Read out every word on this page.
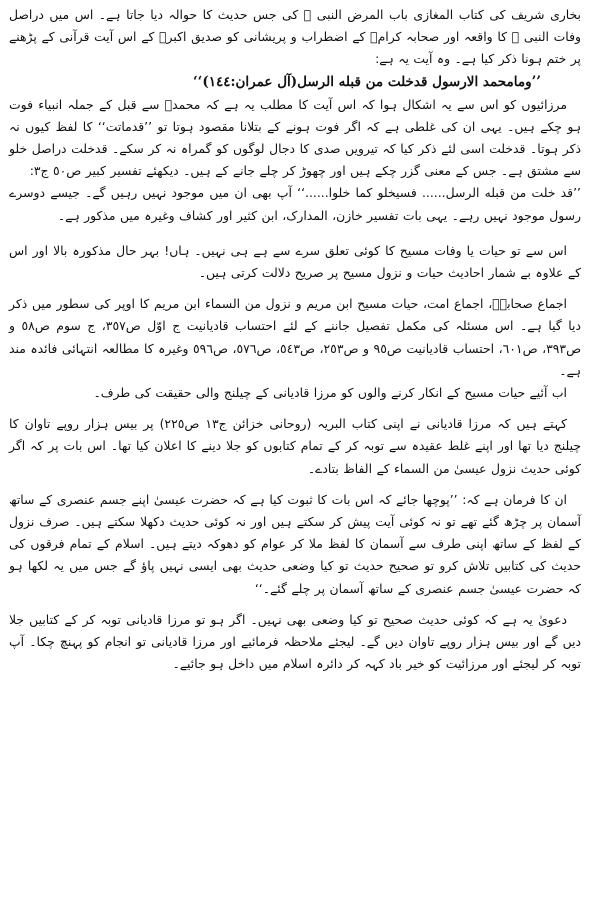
بخاری شریف کی کتاب المغازی باب المرض النبی ﷺ کی جس حدیث کا حوالہ دیا جاتا ہے۔ اس میں دراصل وفات النبی ﷺ کا واقعہ اور صحابہ کرامؓ کے اضطراب و پریشانی کو صدیق اکبرؓ کے اس آیت قرآنی کے پڑھنے پر ختم ہونا ذکر کیا ہے۔ وہ آیت یہ ہے:

’’ومامحمد الارسول قدخلت من قبله الرسل(آل عمران:١٤٤)‘‘

مرزائیوں کو اس سے یہ اشکال ہوا کہ اس آیت کا مطلب یہ ہے کہ محمدؐ سے قبل کے جملہ انبیاء فوت ہو چکے ہیں۔ یہی ان کی غلطی ہے کہ اگر فوت ہونے کے بتلانا مقصود ہوتا تو ’’قدماتت‘‘ کا لفظ کیوں نہ ذکر ہوتا۔ قدخلت اسی لئے ذکر کیا کہ تیرویں صدی کا دجال لوگوں کو گمراہ نہ کر سکے۔ قدخلت دراصل خلو سے مشتق ہے۔ جس کے معنی گزر چکے ہیں اور چھوڑ کر چلے جانے کے ہیں۔ دیکھئے تفسیر کبیر ص٥٠ ج٣:

’’قد خلت من قبله الرسل...... فسیخلو کما خلوا......‘‘ آپ بھی ان میں موجود نہیں رہیں گے۔ جیسے دوسرے رسول موجود نہیں رہے۔ یہی بات تفسیر خازن، المدارک، ابن کثیر اور کشاف وغیرہ میں مذکور ہے۔

اس سے تو حیات یا وفات مسیح کا کوئی تعلق سرے سے ہے ہی نہیں۔ ہاں! بہر حال مذکورہ بالا اور اس کے علاوہ بے شمار احادیث حیات و نزول مسیح پر صریح دلالت کرتی ہیں۔

اجماع صحابہؓ، اجماع امت، حیات مسیح ابن مریم و نزول من السماء ابن مریم کا اوپر کی سطور میں ذکر دیا گیا ہے۔ اس مسئلہ کی مکمل تفصیل جاننے کے لئے احتساب قادیانیت ج اوّل ص٣٥٧، ج سوم ص٥٨ و ص٣٩٣، ص٦٠١، احتساب قادیانیت ص٩٥ و ص٢٥٣، ص٥٤٣، ص٥٧٦، ص٥٩٦ وغیرہ کا مطالعہ انتہائی فائدہ مند ہے۔

اب آئیے حیات مسیح کے انکار کرنے والوں کو مرزا قادیانی کے چیلنج والی حقیقت کی طرف۔

کہتے ہیں کہ مرزا قادیانی نے اپنی کتاب البریہ (روحانی خزائن ج١٣ ص٢٢٥) پر بیس ہزار روپے تاوان کا چیلنج دیا تھا اور اپنے غلط عقیدہ سے توبہ کر کے تمام کتابوں کو جلا دینے کا اعلان کیا تھا۔ اس بات پر کہ اگر کوئی حدیث نزول عیسیٰ من السماء کے الفاظ بتادے۔

ان کا فرمان ہے کہ: ’’پوچھا جائے کہ اس بات کا ثبوت کیا ہے کہ حضرت عیسیٰ اپنے جسم عنصری کے ساتھ آسمان پر چڑھ گئے تھے تو نہ کوئی آیت پیش کر سکتے ہیں اور نہ کوئی حدیث دکھلا سکتے ہیں۔ صرف نزول کے لفظ کے ساتھ اپنی طرف سے آسمان کا لفظ ملا کر عوام کو دھوکہ دیتے ہیں۔ اسلام کے تمام فرقوں کی حدیث کی کتابیں تلاش کرو تو صحیح حدیث تو کیا وضعی حدیث بھی ایسی نہیں پاؤ گے جس میں یہ لکھا ہو کہ حضرت عیسیٰ جسم عنصری کے ساتھ آسمان پر چلے گئے۔‘‘

دعویٰ یہ ہے کہ کوئی حدیث صحیح تو کیا وضعی بھی نہیں۔ اگر ہو تو مرزا قادیانی توبہ کر کے کتابیں جلا دیں گے اور بیس ہزار روپے تاوان دیں گے۔ لیجئے ملاحظہ فرمائیے اور مرزا قادیانی تو انجام کو پہنچ چکا۔ آپ توبہ کر لیجئے اور مرزائیت کو خیر باد کہہ کر دائرہ اسلام میں داخل ہو جائیے۔
